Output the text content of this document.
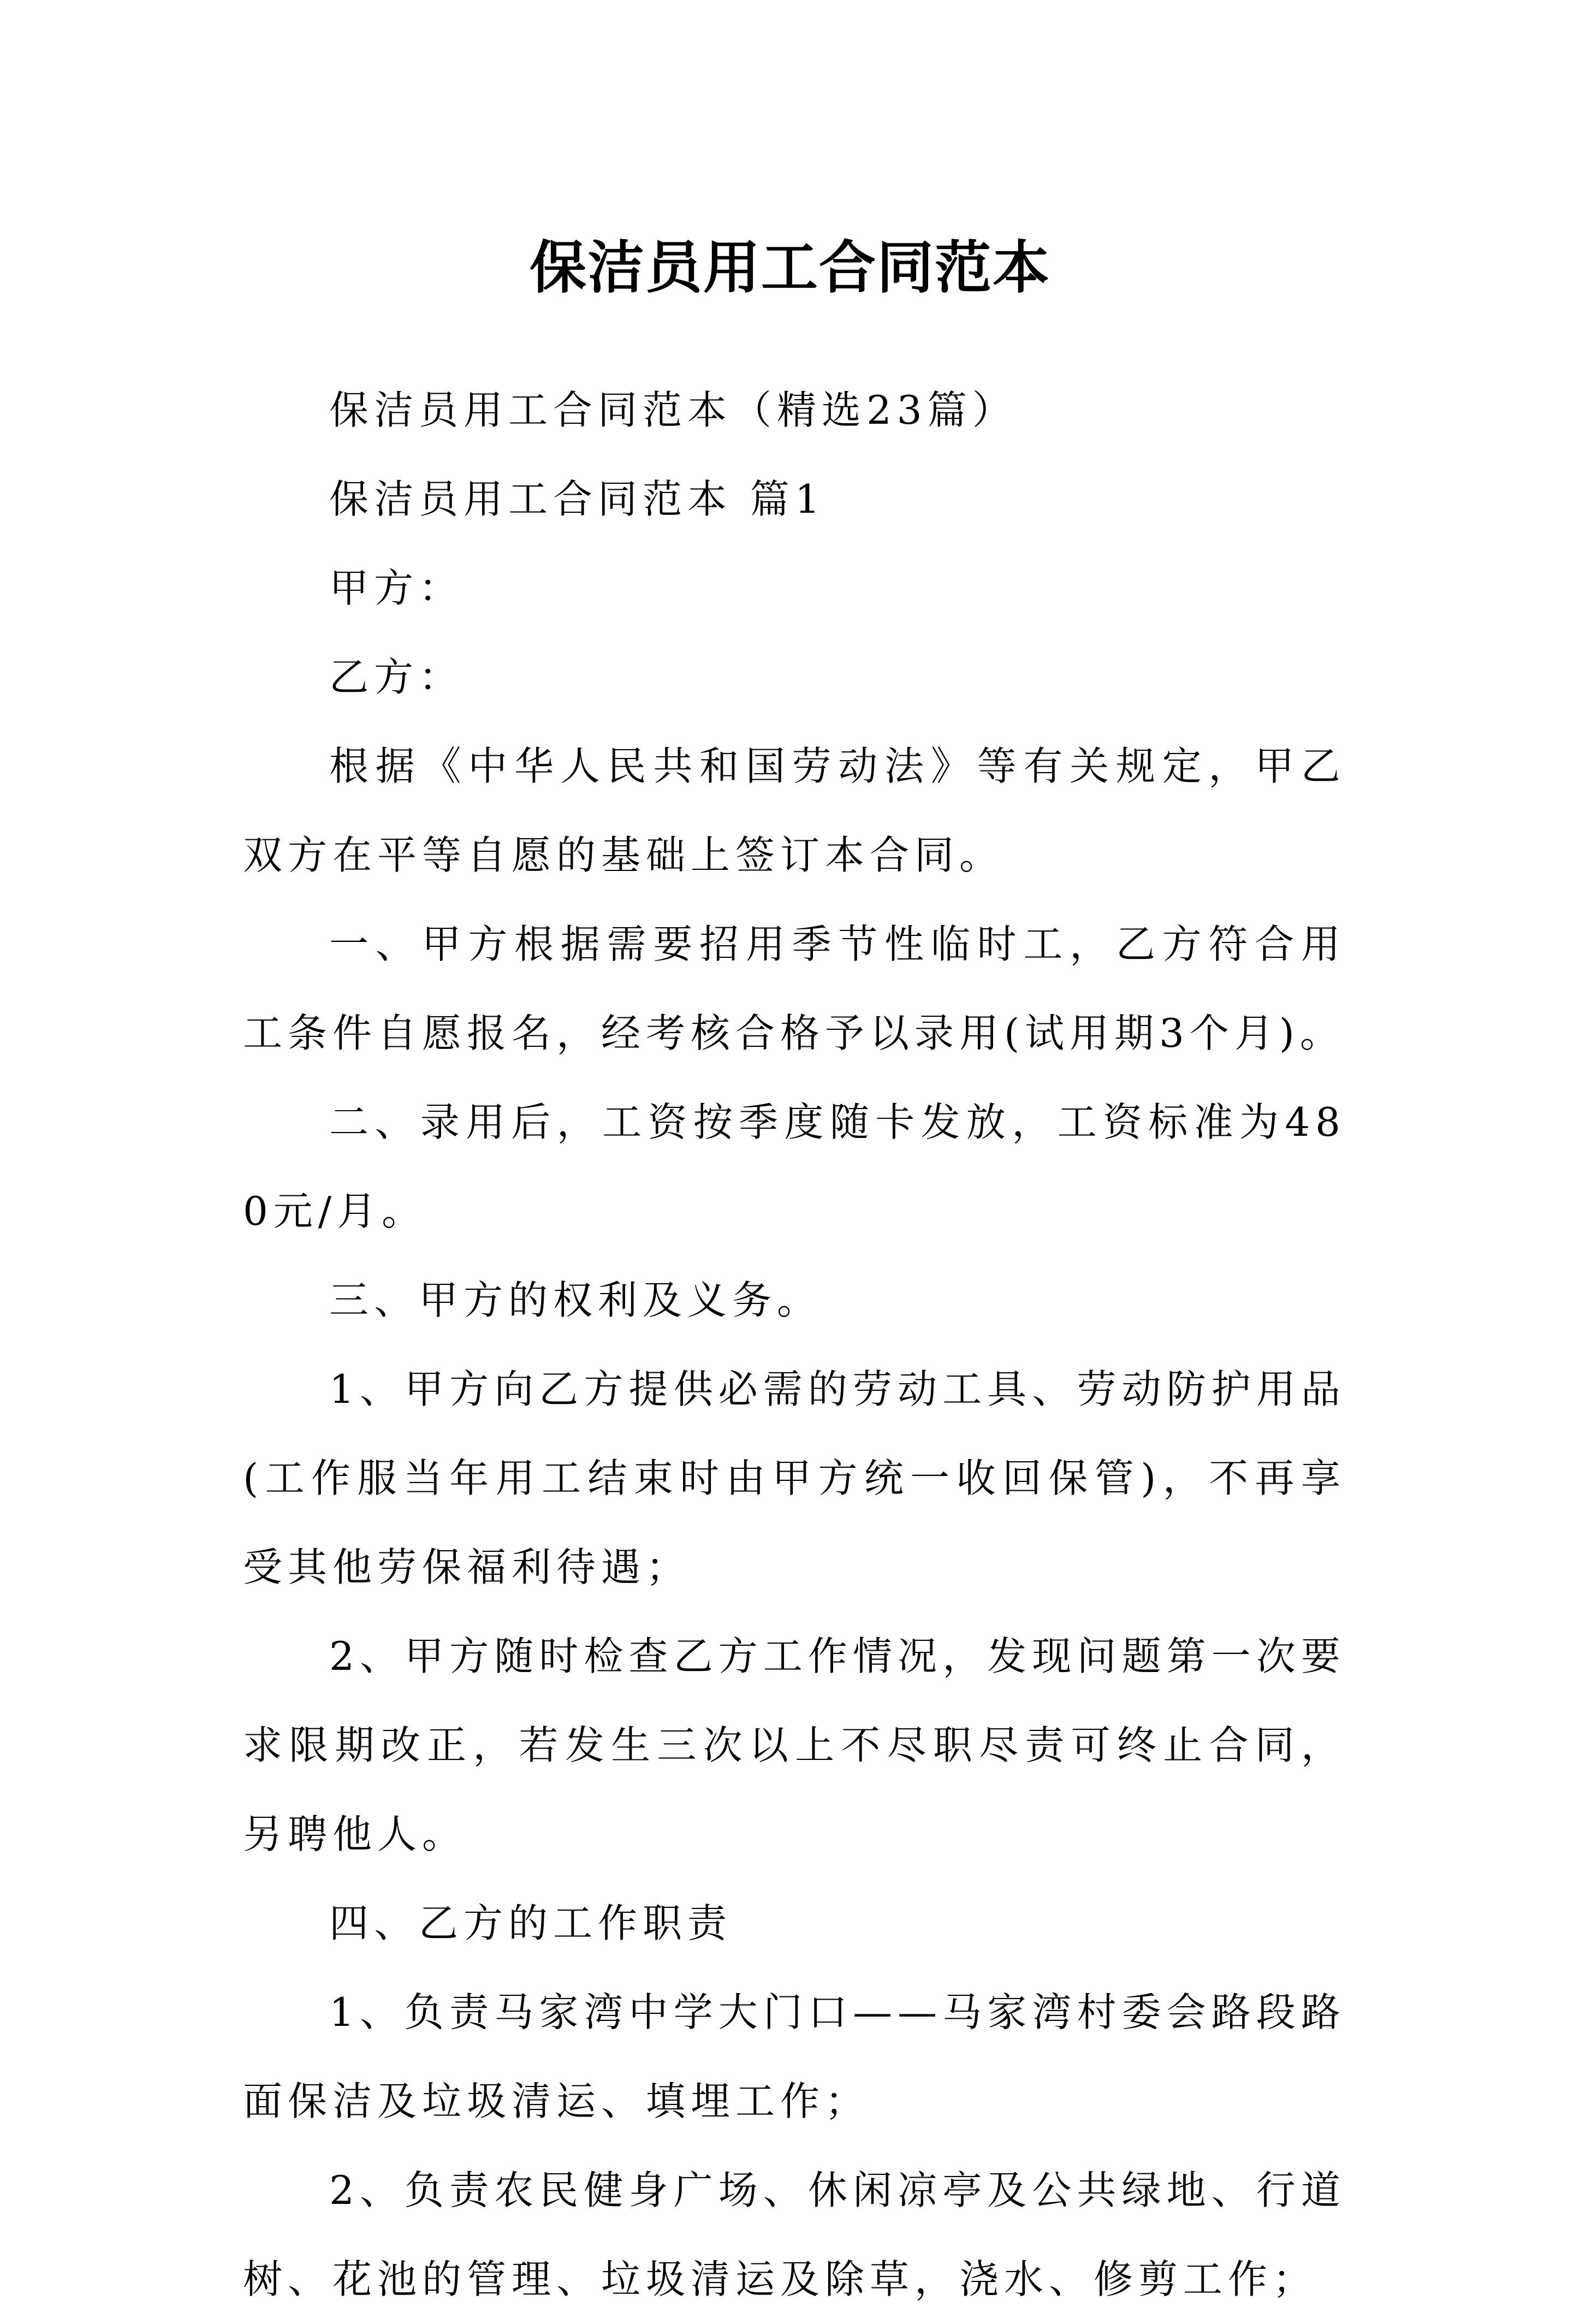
保洁员用工合同范本

保洁员用工合同范本（精选23篇）

保洁员用工合同范本 篇1

甲方：

乙方：

根据《中华人民共和国劳动法》等有关规定，甲乙双方在平等自愿的基础上签订本合同。

一、甲方根据需要招用季节性临时工，乙方符合用工条件自愿报名，经考核合格予以录用(试用期3个月)。

二、录用后，工资按季度随卡发放，工资标准为480元/月。

三、甲方的权利及义务。

1、甲方向乙方提供必需的劳动工具、劳动防护用品(工作服当年用工结束时由甲方统一收回保管)，不再享受其他劳保福利待遇；

2、甲方随时检查乙方工作情况，发现问题第一次要求限期改正，若发生三次以上不尽职尽责可终止合同，另聘他人。

四、乙方的工作职责

1、负责马家湾中学大门口——马家湾村委会路段路面保洁及垃圾清运、填埋工作；

2、负责农民健身广场、休闲凉亭及公共绿地、行道树、花池的管理、垃圾清运及除草，浇水、修剪工作；
